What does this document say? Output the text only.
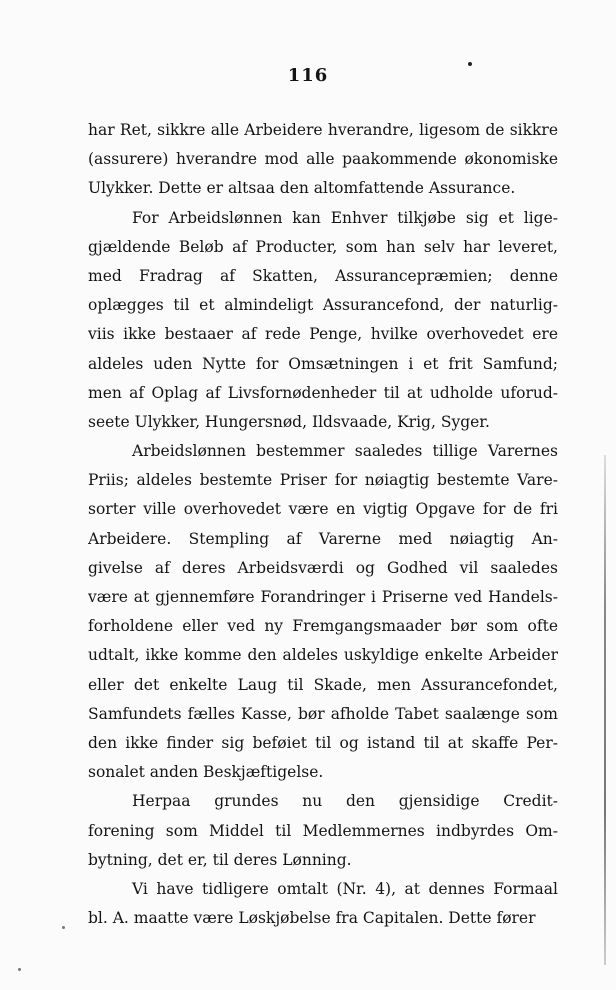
116
har Ret, sikkre alle Arbeidere hverandre, ligesom de sikkre
(assurere) hverandre mod alle paakommende økonomiske
Ulykker. Dette er altsaa den altomfattende Assurance.
For Arbeidslønnen kan Enhver tilkjøbe sig et lige-
gjældende Beløb af Producter, som han selv har leveret,
med Fradrag af Skatten, Assurancepræmien; denne
oplægges til et almindeligt Assurancefond, der naturlig-
viis ikke bestaaer af rede Penge, hvilke overhovedet ere
aldeles uden Nytte for Omsætningen i et frit Samfund;
men af Oplag af Livsfornødenheder til at udholde uforud-
seete Ulykker, Hungersnød, Ildsvaade, Krig, Syger.
Arbeidslønnen bestemmer saaledes tillige Varernes
Priis; aldeles bestemte Priser for nøiagtig bestemte Vare-
sorter ville overhovedet være en vigtig Opgave for de fri
Arbeidere. Stempling af Varerne med nøiagtig An-
givelse af deres Arbeidsværdi og Godhed vil saaledes
være at gjennemføre Forandringer i Priserne ved Handels-
forholdene eller ved ny Fremgangsmaader bør som ofte
udtalt, ikke komme den aldeles uskyldige enkelte Arbeider
eller det enkelte Laug til Skade, men Assurancefondet,
Samfundets fælles Kasse, bør afholde Tabet saalænge som
den ikke finder sig beføiet til og istand til at skaffe Per-
sonalet anden Beskjæftigelse.
Herpaa grundes nu den gjensidige Credit-
forening som Middel til Medlemmernes indbyrdes Om-
bytning, det er, til deres Lønning.
Vi have tidligere omtalt (Nr. 4), at dennes Formaal
bl. A. maatte være Løskjøbelse fra Capitalen. Dette fører
